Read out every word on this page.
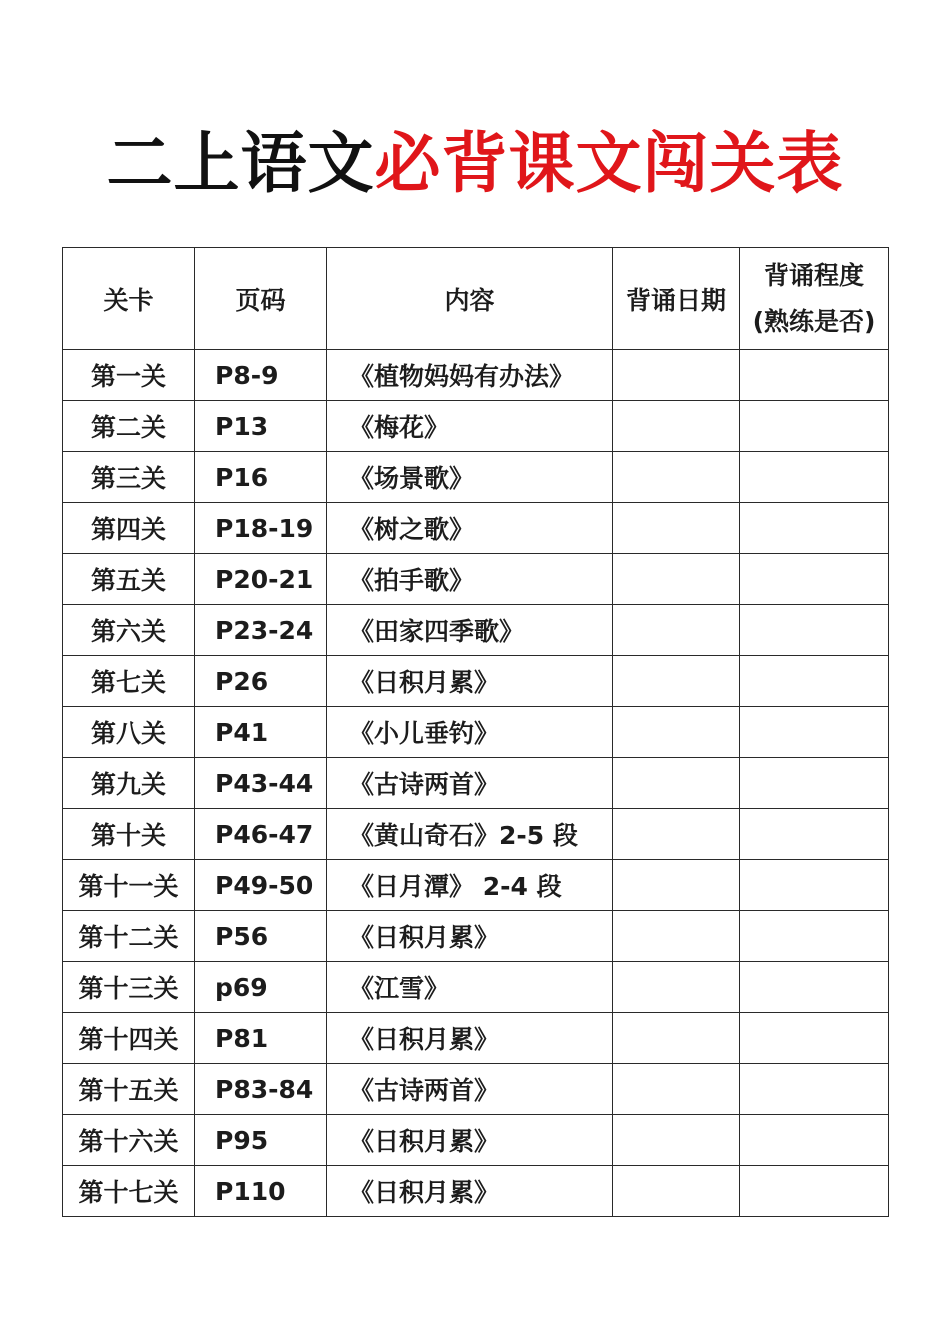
二上语文必背课文闯关表
关卡	页码	内容	背诵日期	背诵程度
(熟练是否)

第一关	P8-9	《植物妈妈有办法》		
第二关	P13	《梅花》		
第三关	P16	《场景歌》		
第四关	P18-19	《树之歌》		
第五关	P20-21	《拍手歌》		
第六关	P23-24	《田家四季歌》		
第七关	P26	《日积月累》		
第八关	P41	《小儿垂钓》		
第九关	P43-44	《古诗两首》		
第十关	P46-47	《黄山奇石》2-5 段		
第十一关	P49-50	《日月潭》 2-4 段		
第十二关	P56	《日积月累》		
第十三关	p69	《江雪》		
第十四关	P81	《日积月累》		
第十五关	P83-84	《古诗两首》		
第十六关	P95	《日积月累》		
第十七关	P110	《日积月累》		
